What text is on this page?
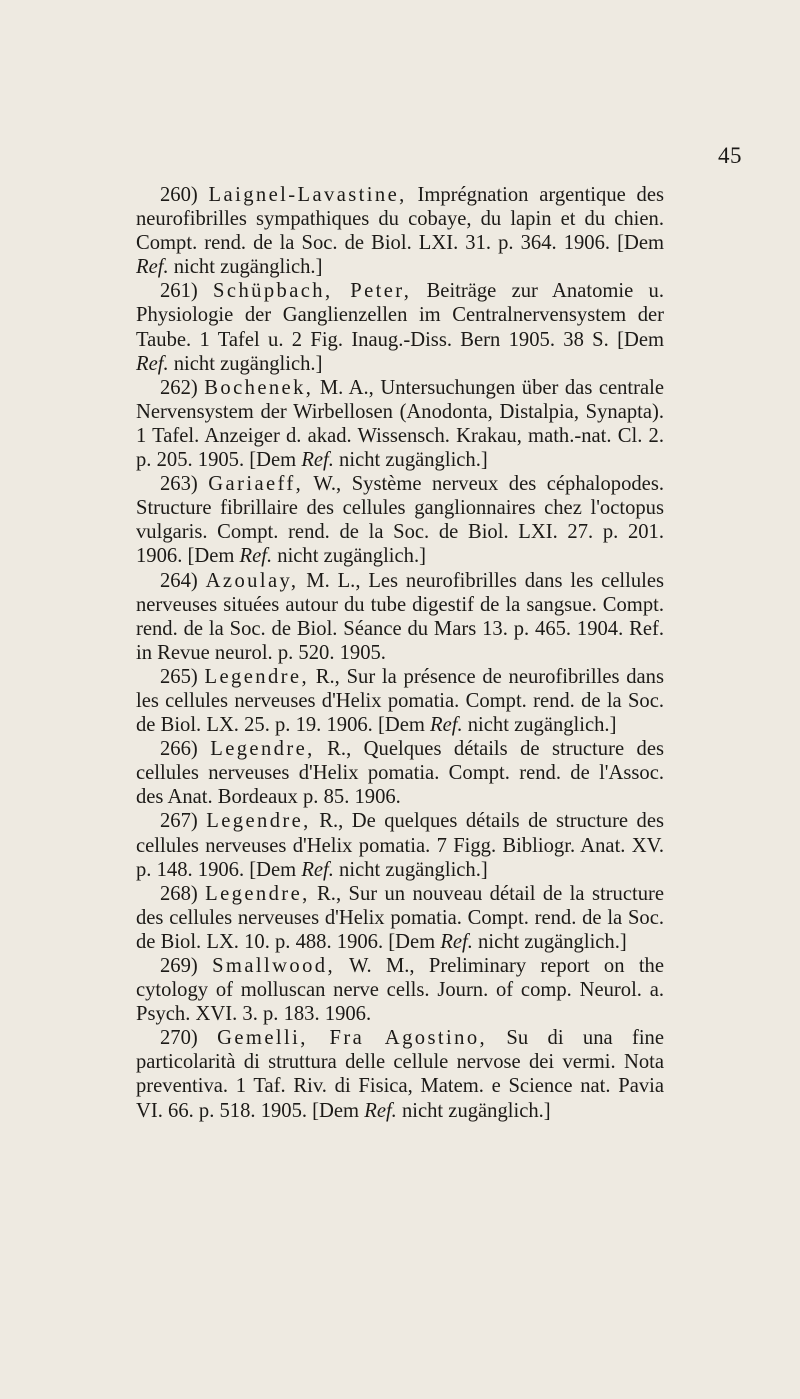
45

260) Laignel-Lavastine, Imprégnation argentique des neurofibrilles sympathiques du cobaye, du lapin et du chien. Compt. rend. de la Soc. de Biol. LXI. 31. p. 364. 1906. [Dem Ref. nicht zugänglich.]

261) Schüpbach, Peter, Beiträge zur Anatomie u. Physiologie der Ganglienzellen im Centralnervensystem der Taube. 1 Tafel u. 2 Fig. Inaug.-Diss. Bern 1905. 38 S. [Dem Ref. nicht zugänglich.]

262) Bochenek, M. A., Untersuchungen über das centrale Nervensystem der Wirbellosen (Anodonta, Distalpia, Synapta). 1 Tafel. Anzeiger d. akad. Wissensch. Krakau, math.-nat. Cl. 2. p. 205. 1905. [Dem Ref. nicht zugänglich.]

263) Gariaeff, W., Système nerveux des céphalopodes. Structure fibrillaire des cellules ganglionnaires chez l'octopus vulgaris. Compt. rend. de la Soc. de Biol. LXI. 27. p. 201. 1906. [Dem Ref. nicht zugänglich.]

264) Azoulay, M. L., Les neurofibrilles dans les cellules nerveuses situées autour du tube digestif de la sangsue. Compt. rend. de la Soc. de Biol. Séance du Mars 13. p. 465. 1904. Ref. in Revue neurol. p. 520. 1905.

265) Legendre, R., Sur la présence de neurofibrilles dans les cellules nerveuses d'Helix pomatia. Compt. rend. de la Soc. de Biol. LX. 25. p. 19. 1906. [Dem Ref. nicht zugänglich.]

266) Legendre, R., Quelques détails de structure des cellules nerveuses d'Helix pomatia. Compt. rend. de l'Assoc. des Anat. Bordeaux p. 85. 1906.

267) Legendre, R., De quelques détails de structure des cellules nerveuses d'Helix pomatia. 7 Figg. Bibliogr. Anat. XV. p. 148. 1906. [Dem Ref. nicht zugänglich.]

268) Legendre, R., Sur un nouveau détail de la structure des cellules nerveuses d'Helix pomatia. Compt. rend. de la Soc. de Biol. LX. 10. p. 488. 1906. [Dem Ref. nicht zugänglich.]

269) Smallwood, W. M., Preliminary report on the cytology of molluscan nerve cells. Journ. of comp. Neurol. a. Psych. XVI. 3. p. 183. 1906.

270) Gemelli, Fra Agostino, Su di una fine particolarità di struttura delle cellule nervose dei vermi. Nota preventiva. 1 Taf. Riv. di Fisica, Matem. e Science nat. Pavia VI. 66. p. 518. 1905. [Dem Ref. nicht zugänglich.]
